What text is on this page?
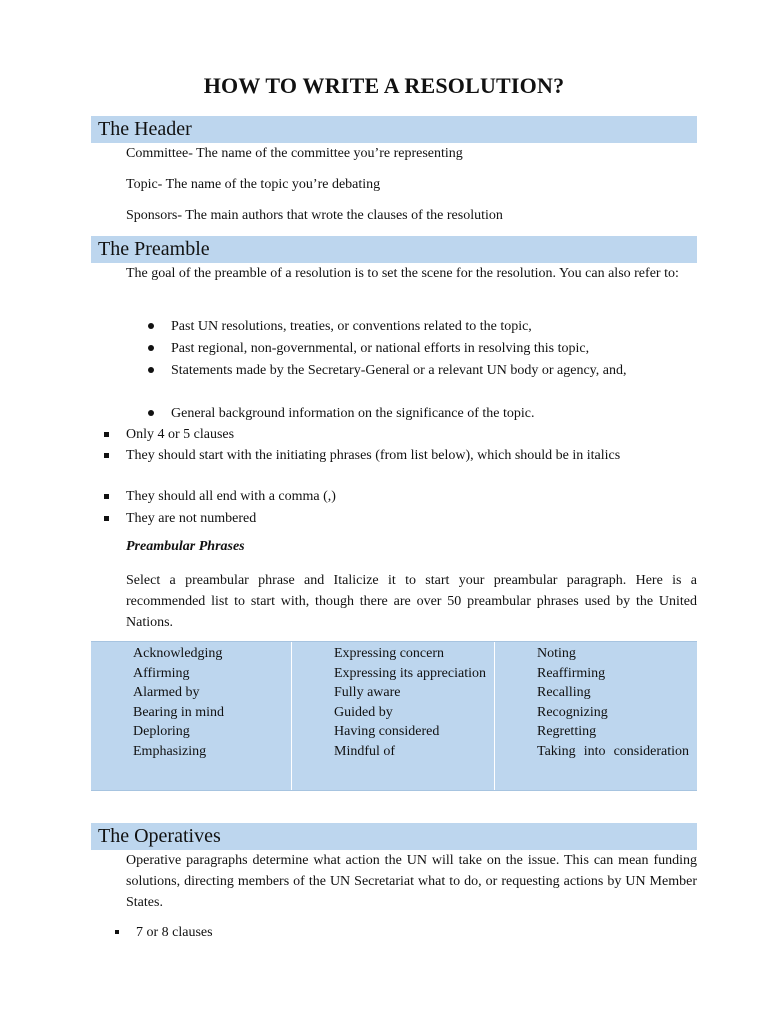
HOW TO WRITE A RESOLUTION?
The Header
Committee- The name of the committee you’re representing
Topic- The name of the topic you’re debating
Sponsors- The main authors that wrote the clauses of the resolution
The Preamble
The goal of the preamble of a resolution is to set the scene for the resolution. You can also refer to:
Past UN resolutions, treaties, or conventions related to the topic,
Past regional, non-governmental, or national efforts in resolving this topic,
Statements made by the Secretary-General or a relevant UN body or agency, and,
General background information on the significance of the topic.
Only 4 or 5 clauses
They should start with the initiating phrases (from list below), which should be in italics
They should all end with a comma (,)
They are not numbered
Preambular Phrases
Select a preambular phrase and Italicize it to start your preambular paragraph. Here is a recommended list to start with, though there are over 50 preambular phrases used by the United Nations.
Acknowledging
Affirming
Alarmed by
Bearing in mind
Deploring
Emphasizing
Expressing concern
Expressing its appreciation
Fully aware
Guided by
Having considered
Mindful of
Noting
Reaffirming
Recalling
Recognizing
Regretting
Taking into consideration
The Operatives
Operative paragraphs determine what action the UN will take on the issue. This can mean funding solutions, directing members of the UN Secretariat what to do, or requesting actions by UN Member States.
7 or 8 clauses
